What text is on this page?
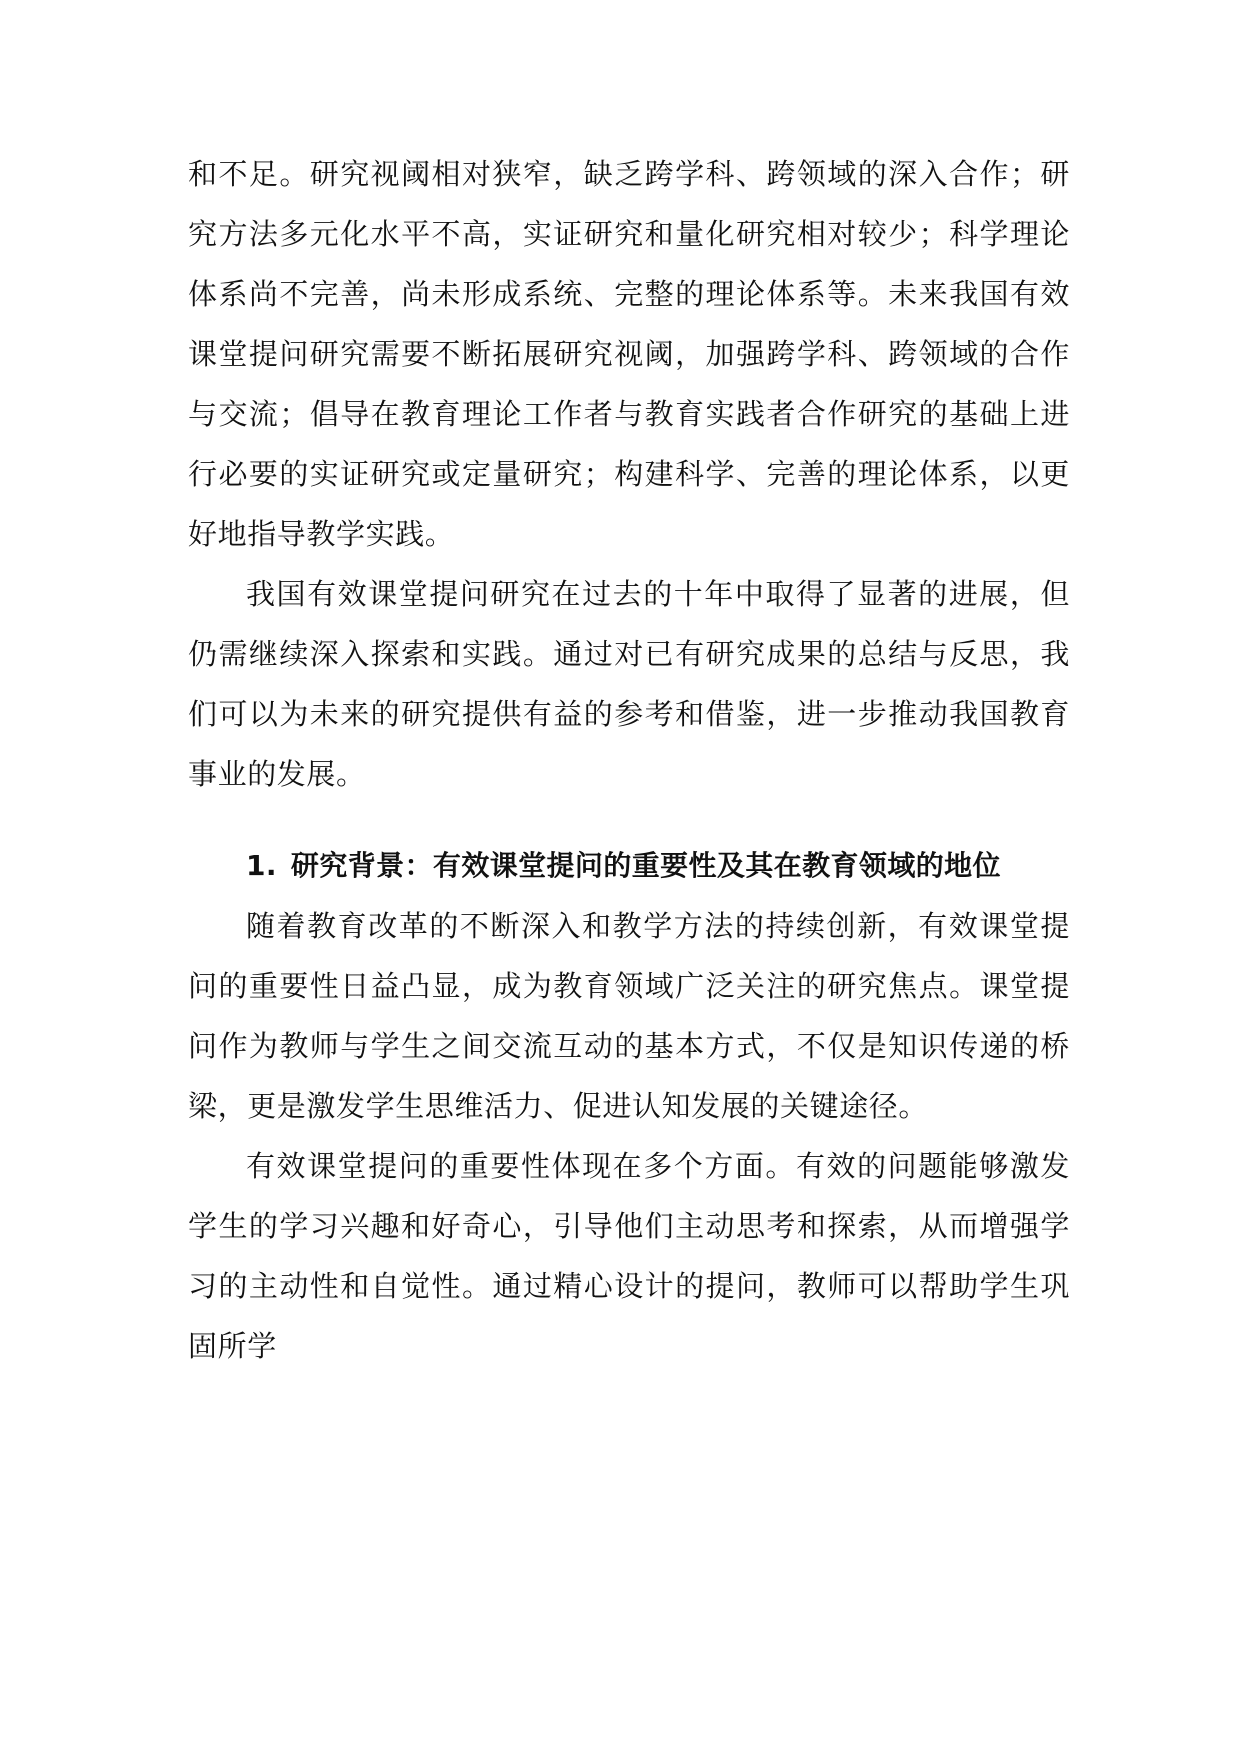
和不足。研究视阈相对狭窄，缺乏跨学科、跨领域的深入合作；研究方法多元化水平不高，实证研究和量化研究相对较少；科学理论体系尚不完善，尚未形成系统、完整的理论体系等。未来我国有效课堂提问研究需要不断拓展研究视阈，加强跨学科、跨领域的合作与交流；倡导在教育理论工作者与教育实践者合作研究的基础上进行必要的实证研究或定量研究；构建科学、完善的理论体系，以更好地指导教学实践。

我国有效课堂提问研究在过去的十年中取得了显著的进展，但仍需继续深入探索和实践。通过对已有研究成果的总结与反思，我们可以为未来的研究提供有益的参考和借鉴，进一步推动我国教育事业的发展。

1. 研究背景：有效课堂提问的重要性及其在教育领域的地位

随着教育改革的不断深入和教学方法的持续创新，有效课堂提问的重要性日益凸显，成为教育领域广泛关注的研究焦点。课堂提问作为教师与学生之间交流互动的基本方式，不仅是知识传递的桥梁，更是激发学生思维活力、促进认知发展的关键途径。

有效课堂提问的重要性体现在多个方面。有效的问题能够激发学生的学习兴趣和好奇心，引导他们主动思考和探索，从而增强学习的主动性和自觉性。通过精心设计的提问，教师可以帮助学生巩固所学
